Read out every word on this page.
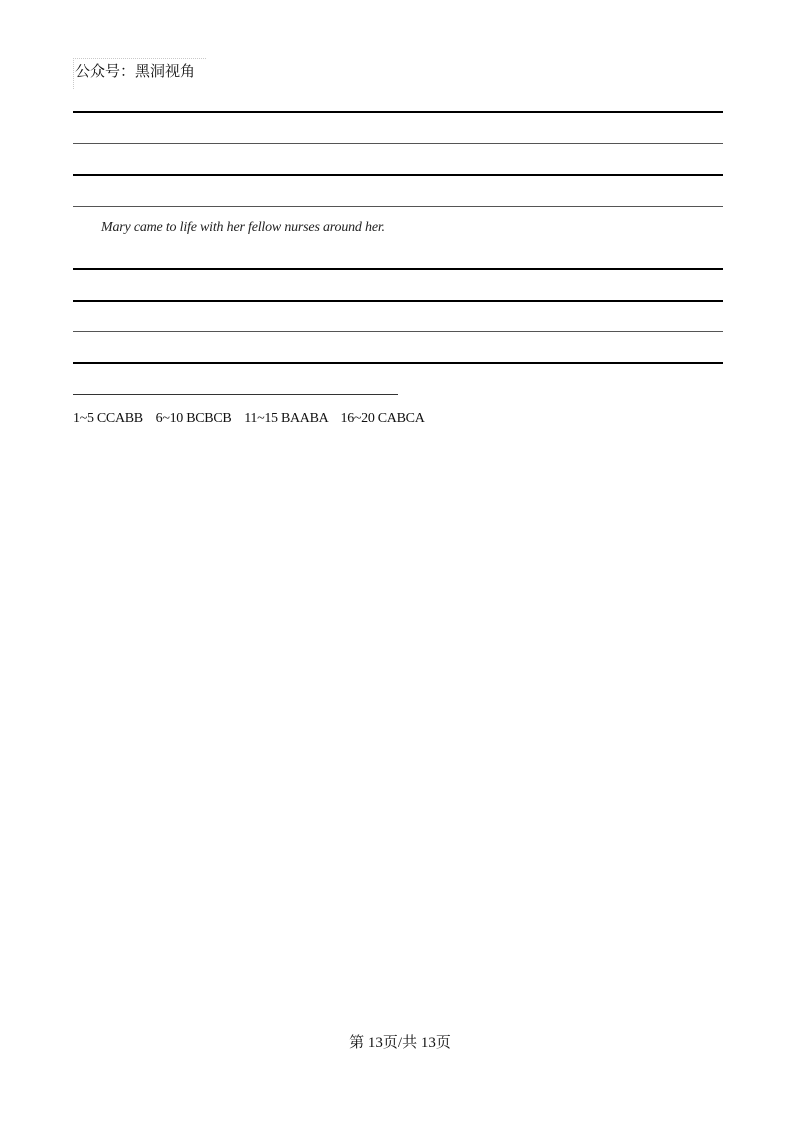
公众号：黑洞视角
Mary came to life with her fellow nurses around her.
1~5 CCABB    6~10 BCBCB    11~15 BAABA    16~20 CABCA
第 13页/共 13页
